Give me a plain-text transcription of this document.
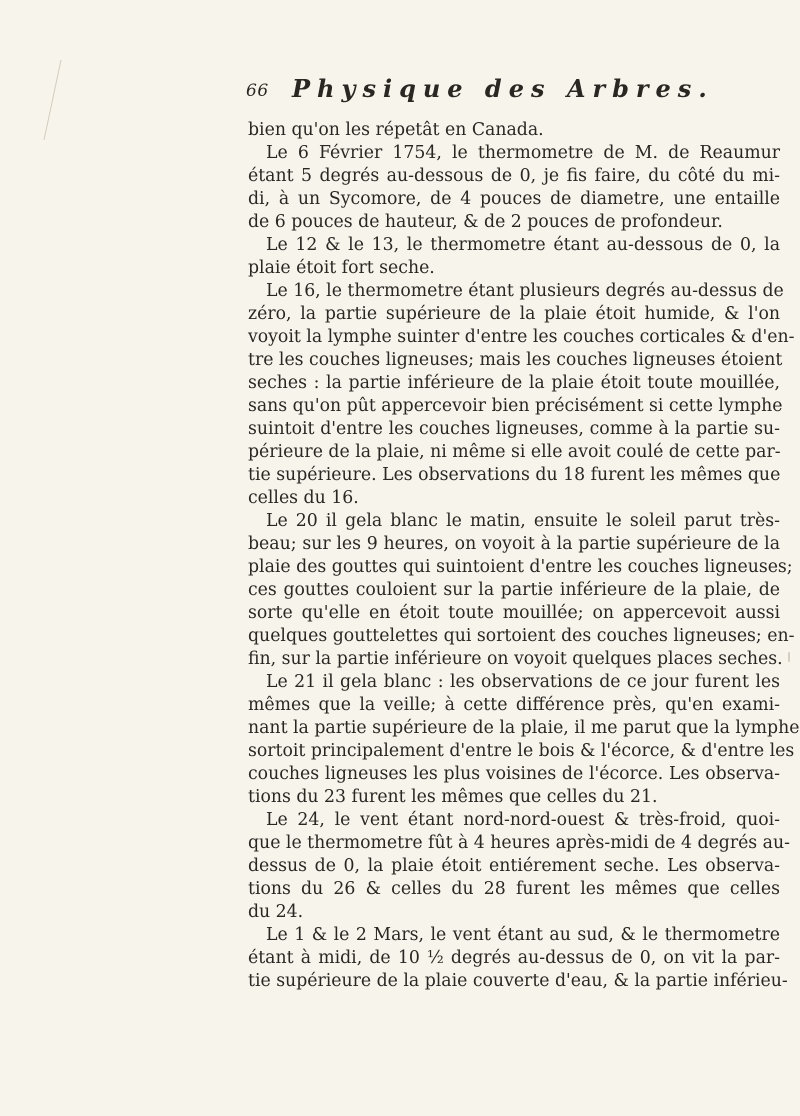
66 Physique des Arbres.
bien qu'on les répetât en Canada.
Le 6 Février 1754, le thermometre de M. de Reaumur
étant 5 degrés au-dessous de 0, je fis faire, du côté du mi-
di, à un Sycomore, de 4 pouces de diametre, une entaille
de 6 pouces de hauteur, & de 2 pouces de profondeur.
Le 12 & le 13, le thermometre étant au-dessous de 0, la
plaie étoit fort seche.
Le 16, le thermometre étant plusieurs degrés au-dessus de
zéro, la partie supérieure de la plaie étoit humide, & l'on
voyoit la lymphe suinter d'entre les couches corticales & d'en-
tre les couches ligneuses; mais les couches ligneuses étoient
seches : la partie inférieure de la plaie étoit toute mouillée,
sans qu'on pût appercevoir bien précisément si cette lymphe
suintoit d'entre les couches ligneuses, comme à la partie su-
périeure de la plaie, ni même si elle avoit coulé de cette par-
tie supérieure. Les observations du 18 furent les mêmes que
celles du 16.
Le 20 il gela blanc le matin, ensuite le soleil parut très-
beau; sur les 9 heures, on voyoit à la partie supérieure de la
plaie des gouttes qui suintoient d'entre les couches ligneuses;
ces gouttes couloient sur la partie inférieure de la plaie, de
sorte qu'elle en étoit toute mouillée; on appercevoit aussi
quelques gouttelettes qui sortoient des couches ligneuses; en-
fin, sur la partie inférieure on voyoit quelques places seches.
Le 21 il gela blanc : les observations de ce jour furent les
mêmes que la veille; à cette différence près, qu'en exami-
nant la partie supérieure de la plaie, il me parut que la lymphe
sortoit principalement d'entre le bois & l'écorce, & d'entre les
couches ligneuses les plus voisines de l'écorce. Les observa-
tions du 23 furent les mêmes que celles du 21.
Le 24, le vent étant nord-nord-ouest & très-froid, quoi-
que le thermometre fût à 4 heures après-midi de 4 degrés au-
dessus de 0, la plaie étoit entiérement seche. Les observa-
tions du 26 & celles du 28 furent les mêmes que celles
du 24.
Le 1 & le 2 Mars, le vent étant au sud, & le thermometre
étant à midi, de 10 ½ degrés au-dessus de 0, on vit la par-
tie supérieure de la plaie couverte d'eau, & la partie inférieu-
